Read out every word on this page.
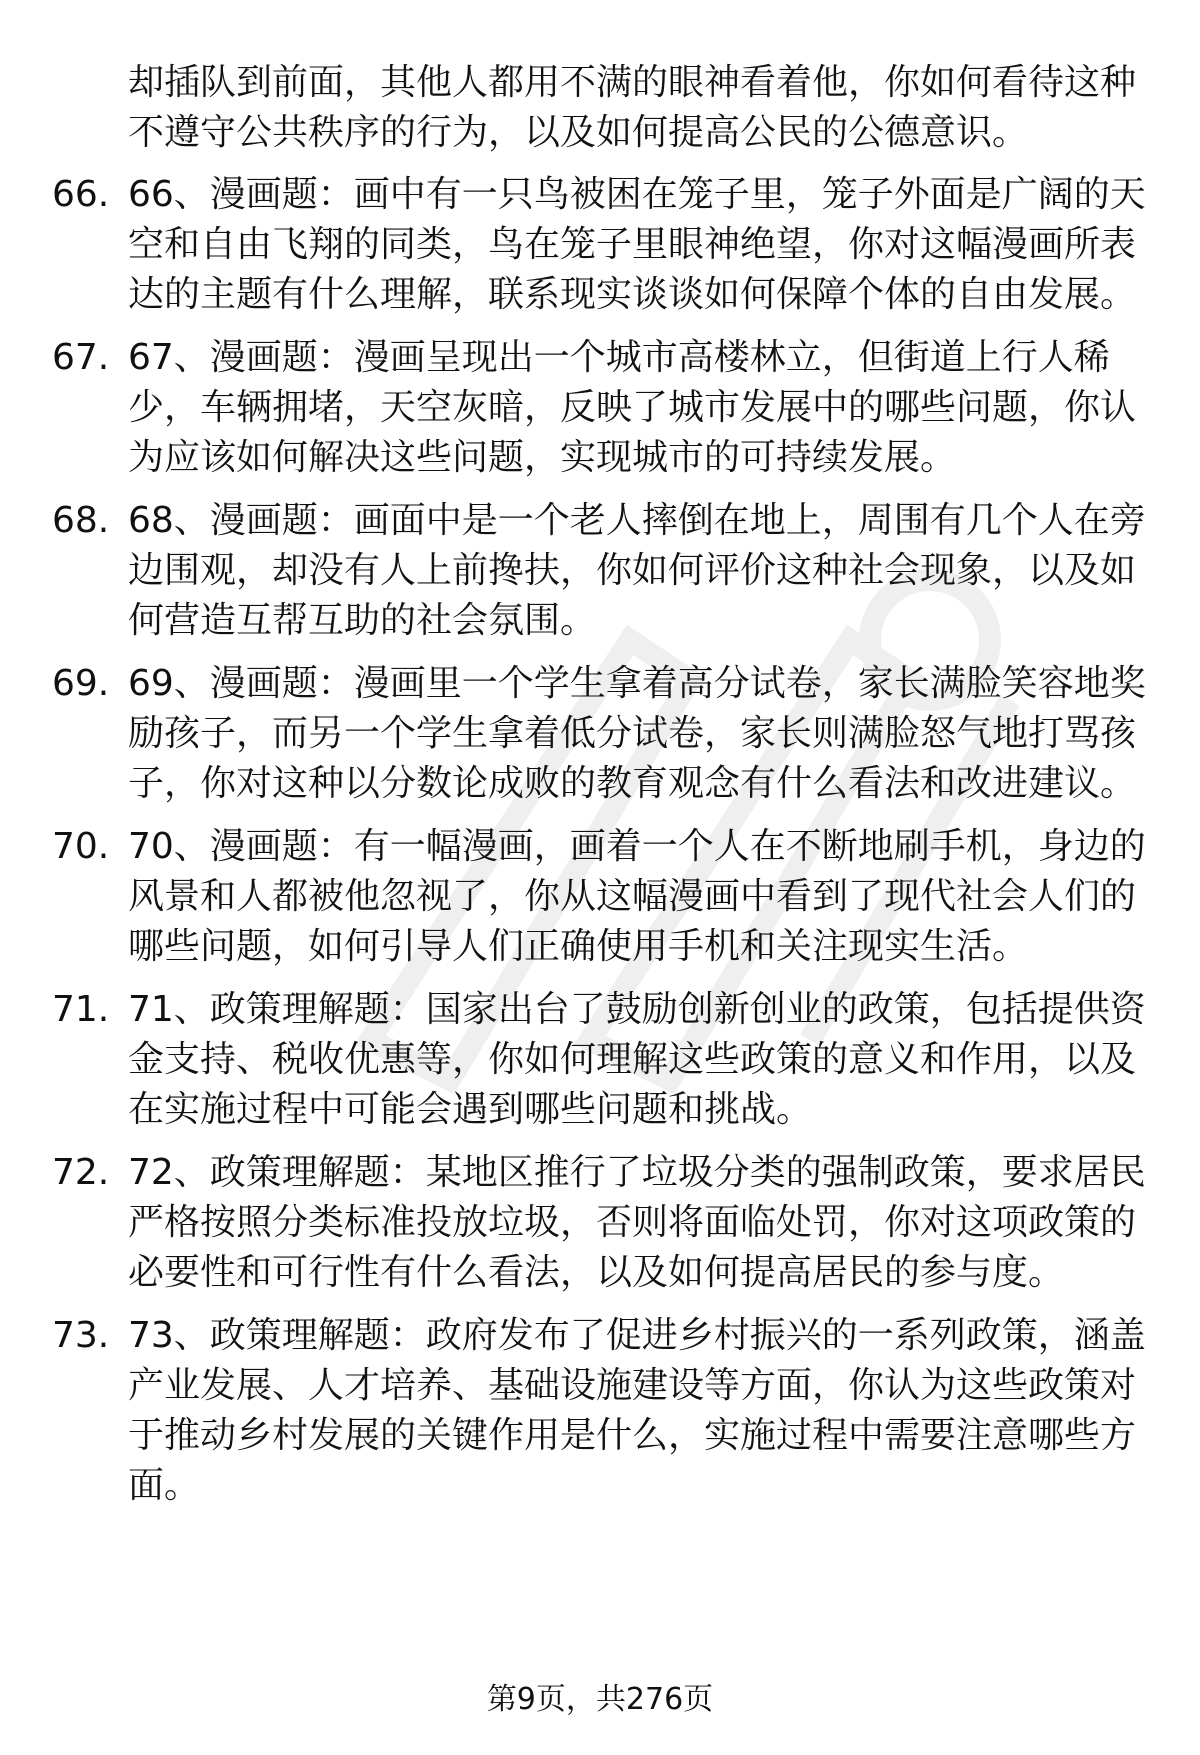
却插队到前面，其他人都用不满的眼神看着他，你如何看待这种
不遵守公共秩序的行为，以及如何提高公民的公德意识。
66. 66、漫画题：画中有一只鸟被困在笼子里，笼子外面是广阔的天
空和自由飞翔的同类，鸟在笼子里眼神绝望，你对这幅漫画所表
达的主题有什么理解，联系现实谈谈如何保障个体的自由发展。
67. 67、漫画题：漫画呈现出一个城市高楼林立，但街道上行人稀
少，车辆拥堵，天空灰暗，反映了城市发展中的哪些问题，你认
为应该如何解决这些问题，实现城市的可持续发展。
68. 68、漫画题：画面中是一个老人摔倒在地上，周围有几个人在旁
边围观，却没有人上前搀扶，你如何评价这种社会现象，以及如
何营造互帮互助的社会氛围。
69. 69、漫画题：漫画里一个学生拿着高分试卷，家长满脸笑容地奖
励孩子，而另一个学生拿着低分试卷，家长则满脸怒气地打骂孩
子，你对这种以分数论成败的教育观念有什么看法和改进建议。
70. 70、漫画题：有一幅漫画，画着一个人在不断地刷手机，身边的
风景和人都被他忽视了，你从这幅漫画中看到了现代社会人们的
哪些问题，如何引导人们正确使用手机和关注现实生活。
71. 71、政策理解题：国家出台了鼓励创新创业的政策，包括提供资
金支持、税收优惠等，你如何理解这些政策的意义和作用，以及
在实施过程中可能会遇到哪些问题和挑战。
72. 72、政策理解题：某地区推行了垃圾分类的强制政策，要求居民
严格按照分类标准投放垃圾，否则将面临处罚，你对这项政策的
必要性和可行性有什么看法，以及如何提高居民的参与度。
73. 73、政策理解题：政府发布了促进乡村振兴的一系列政策，涵盖
产业发展、人才培养、基础设施建设等方面，你认为这些政策对
于推动乡村发展的关键作用是什么，实施过程中需要注意哪些方
面。
第9页，共276页
